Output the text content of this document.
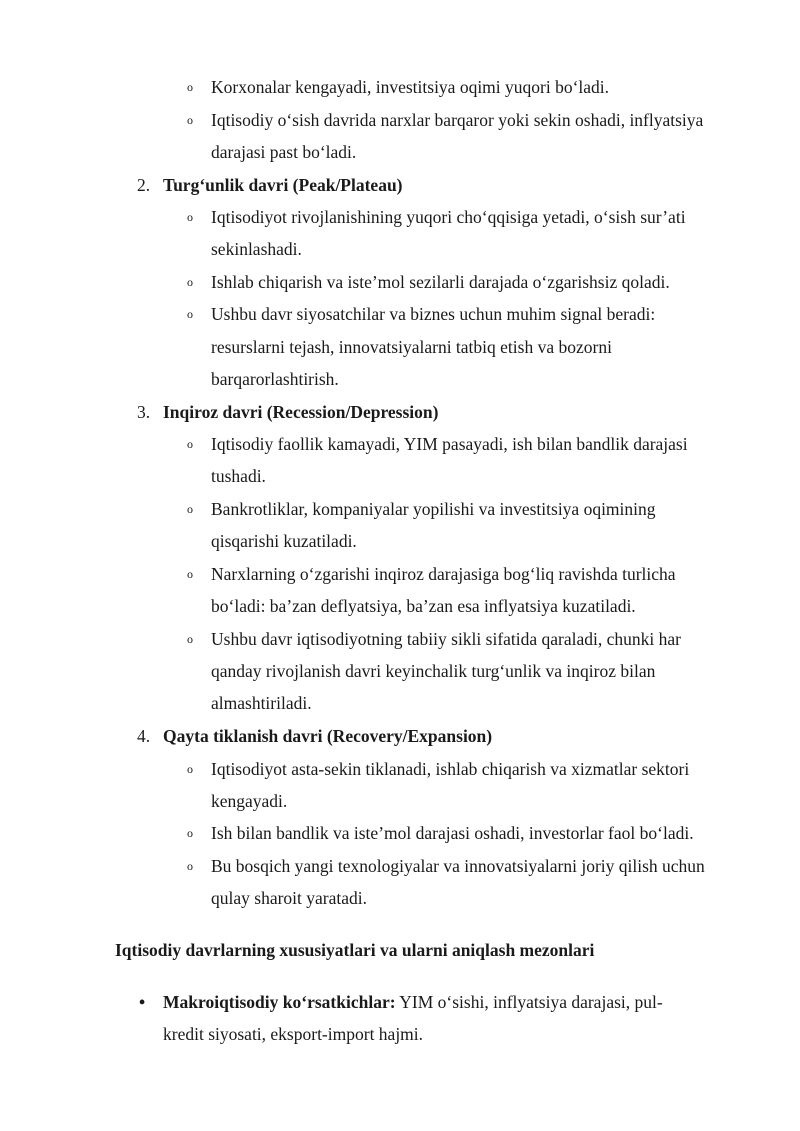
o Korxonalar kengayadi, investitsiya oqimi yuqori bo‘ladi.
o Iqtisodiy o‘sish davrida narxlar barqaror yoki sekin oshadi, inflyatsiya
darajasi past bo‘ladi.
2. Turg‘unlik davri (Peak/Plateau)
o Iqtisodiyot rivojlanishining yuqori cho‘qqisiga yetadi, o‘sish sur’ati
sekinlashadi.
o Ishlab chiqarish va iste’mol sezilarli darajada o‘zgarishsiz qoladi.
o Ushbu davr siyosatchilar va biznes uchun muhim signal beradi:
resurslarni tejash, innovatsiyalarni tatbiq etish va bozorni
barqarorlashtirish.
3. Inqiroz davri (Recession/Depression)
o Iqtisodiy faollik kamayadi, YIM pasayadi, ish bilan bandlik darajasi
tushadi.
o Bankrotliklar, kompaniyalar yopilishi va investitsiya oqimining
qisqarishi kuzatiladi.
o Narxlarning o‘zgarishi inqiroz darajasiga bog‘liq ravishda turlicha
bo‘ladi: ba’zan deflyatsiya, ba’zan esa inflyatsiya kuzatiladi.
o Ushbu davr iqtisodiyotning tabiiy sikli sifatida qaraladi, chunki har
qanday rivojlanish davri keyinchalik turg‘unlik va inqiroz bilan
almashtiriladi.
4. Qayta tiklanish davri (Recovery/Expansion)
o Iqtisodiyot asta-sekin tiklanadi, ishlab chiqarish va xizmatlar sektori
kengayadi.
o Ish bilan bandlik va iste’mol darajasi oshadi, investorlar faol bo‘ladi.
o Bu bosqich yangi texnologiyalar va innovatsiyalarni joriy qilish uchun
qulay sharoit yaratadi.
Iqtisodiy davrlarning xususiyatlari va ularni aniqlash mezonlari
• Makroiqtisodiy ko‘rsatkichlar: YIM o‘sishi, inflyatsiya darajasi, pul-
kredit siyosati, eksport-import hajmi.
